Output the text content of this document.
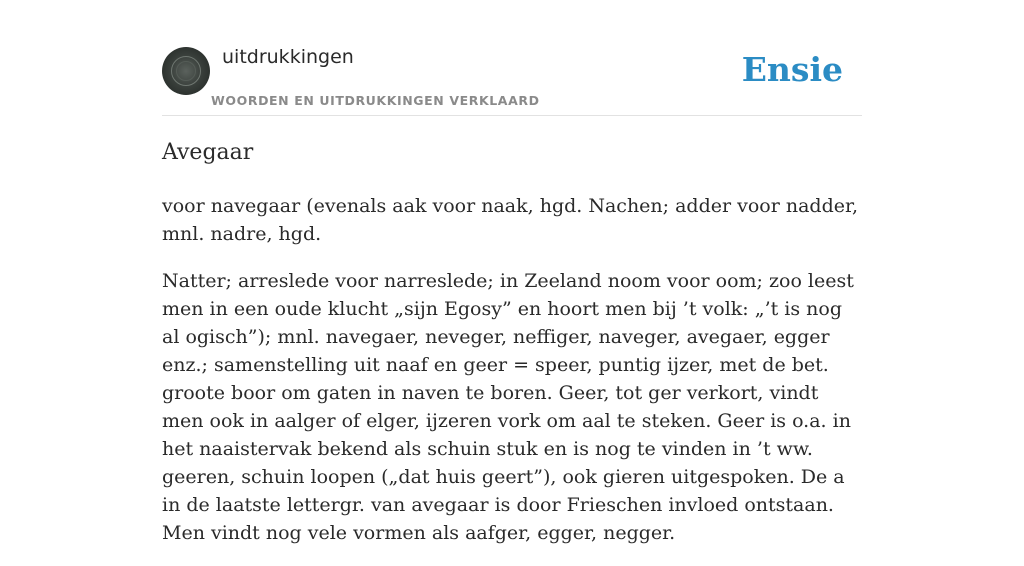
uitdrukkingen
WOORDEN EN UITDRUKKINGEN VERKLAARD
Ensie
Avegaar

voor navegaar (evenals aak voor naak, hgd. Nachen; adder voor nadder, mnl. nadre, hgd.

Natter; arreslede voor narreslede; in Zeeland noom voor oom; zoo leest men in een oude klucht „sijn Egosy” en hoort men bij ’t volk: „’t is nog al ogisch”); mnl. navegaer, neveger, neffiger, naveger, avegaer, egger enz.; samenstelling uit naaf en geer = speer, puntig ijzer, met de bet. groote boor om gaten in naven te boren. Geer, tot ger verkort, vindt men ook in aalger of elger, ijzeren vork om aal te steken. Geer is o.a. in het naaistervak bekend als schuin stuk en is nog te vinden in ’t ww. geeren, schuin loopen („dat huis geert”), ook gieren uitgespoken. De a in de laatste lettergr. van avegaar is door Frieschen invloed ontstaan. Men vindt nog vele vormen als aafger, egger, negger.
